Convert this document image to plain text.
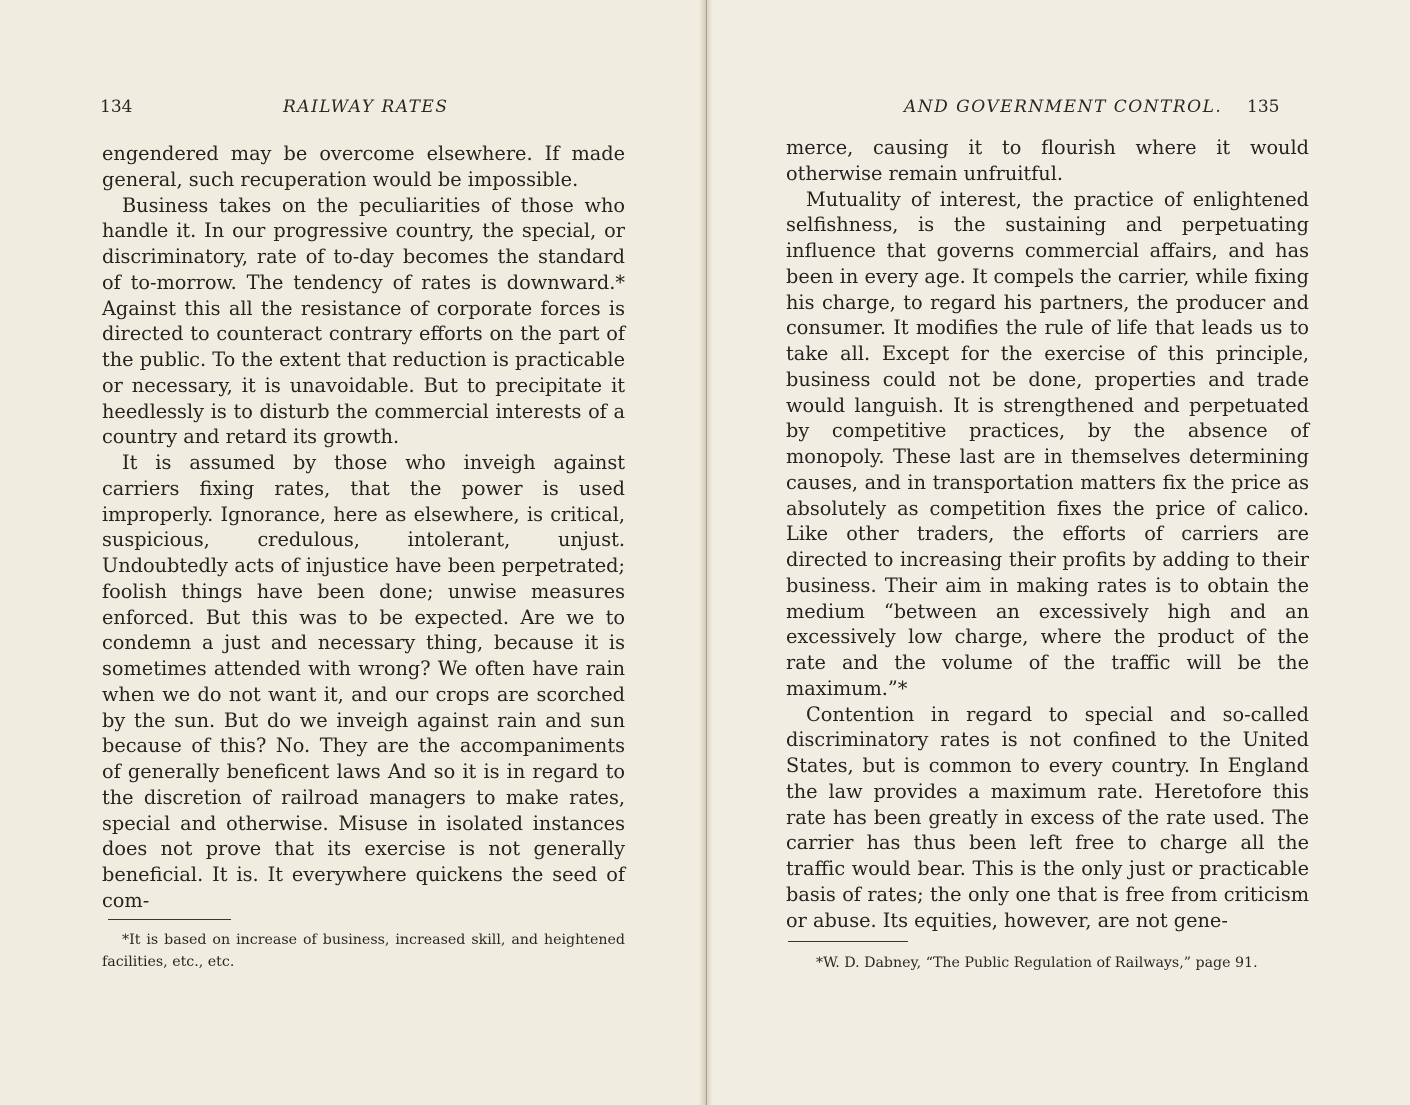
134	RAILWAY RATES

engendered may be overcome elsewhere. If made general, such recuperation would be impossible.

Business takes on the peculiarities of those who handle it. In our progressive country, the special, or discriminatory, rate of to-day becomes the standard of to-morrow. The tendency of rates is downward.* Against this all the resistance of corporate forces is directed to counteract contrary efforts on the part of the public. To the extent that reduction is practicable or necessary, it is unavoidable. But to precipitate it heedlessly is to disturb the commercial interests of a country and retard its growth.

It is assumed by those who inveigh against carriers fixing rates, that the power is used improperly. Ignorance, here as elsewhere, is critical, suspicious, credulous, intolerant, unjust. Undoubtedly acts of injustice have been perpetrated; foolish things have been done; unwise measures enforced. But this was to be expected. Are we to condemn a just and necessary thing, because it is sometimes attended with wrong? We often have rain when we do not want it, and our crops are scorched by the sun. But do we inveigh against rain and sun because of this? No. They are the accompaniments of generally beneficent laws And so it is in regard to the discretion of railroad managers to make rates, special and otherwise. Misuse in isolated instances does not prove that its exercise is not generally beneficial. It is. It everywhere quickens the seed of com-

*It is based on increase of business, increased skill, and heightened facilities, etc., etc.
AND GOVERNMENT CONTROL. 135

merce, causing it to flourish where it would otherwise remain unfruitful.

Mutuality of interest, the practice of enlightened selfishness, is the sustaining and perpetuating influence that governs commercial affairs, and has been in every age. It compels the carrier, while fixing his charge, to regard his partners, the producer and consumer. It modifies the rule of life that leads us to take all. Except for the exercise of this principle, business could not be done, properties and trade would languish. It is strengthened and perpetuated by competitive practices, by the absence of monopoly. These last are in themselves determining causes, and in transportation matters fix the price as absolutely as competition fixes the price of calico. Like other traders, the efforts of carriers are directed to increasing their profits by adding to their business. Their aim in making rates is to obtain the medium “between an excessively high and an excessively low charge, where the product of the rate and the volume of the traffic will be the maximum.”*

Contention in regard to special and so-called discriminatory rates is not confined to the United States, but is common to every country. In England the law provides a maximum rate. Heretofore this rate has been greatly in excess of the rate used. The carrier has thus been left free to charge all the traffic would bear. This is the only just or practicable basis of rates; the only one that is free from criticism or abuse. Its equities, however, are not gene-

*W. D. Dabney, “The Public Regulation of Railways,” page 91.
